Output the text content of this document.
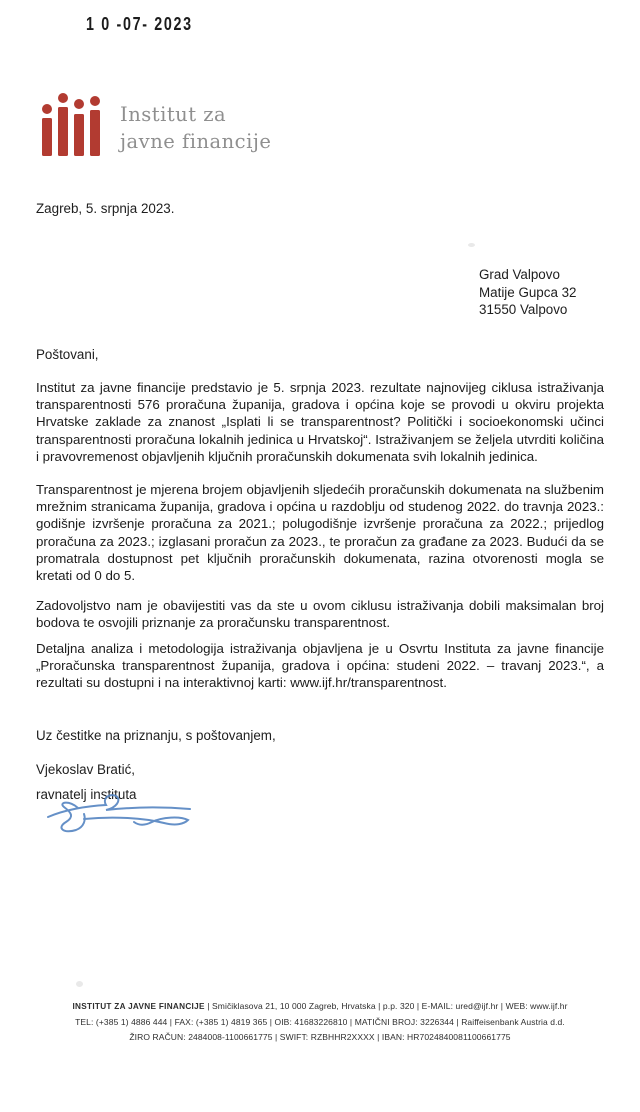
1 0 -07- 2023
Institut za
javne financije
Zagreb, 5. srpnja 2023.
Grad Valpovo
Matije Gupca 32
31550 Valpovo
Poštovani,

Institut za javne financije predstavio je 5. srpnja 2023. rezultate najnovijeg ciklusa istraživanja transparentnosti 576 proračuna županija, gradova i općina koje se provodi u okviru projekta Hrvatske zaklade za znanost „Isplati li se transparentnost? Politički i socioekonomski učinci transparentnosti proračuna lokalnih jedinica u Hrvatskoj“. Istraživanjem se željela utvrditi količina i pravovremenost objavljenih ključnih proračunskih dokumenata svih lokalnih jedinica.

Transparentnost je mjerena brojem objavljenih sljedećih proračunskih dokumenata na službenim mrežnim stranicama županija, gradova i općina u razdoblju od studenog 2022. do travnja 2023.: godišnje izvršenje proračuna za 2021.; polugodišnje izvršenje proračuna za 2022.; prijedlog proračuna za 2023.; izglasani proračun za 2023., te proračun za građane za 2023. Budući da se promatrala dostupnost pet ključnih proračunskih dokumenata, razina otvorenosti mogla se kretati od 0 do 5.

Zadovoljstvo nam je obavijestiti vas da ste u ovom ciklusu istraživanja dobili maksimalan broj bodova te osvojili priznanje za proračunsku transparentnost.

Detaljna analiza i metodologija istraživanja objavljena je u Osvrtu Instituta za javne financije „Proračunska transparentnost županija, gradova i općina: studeni 2022. – travanj 2023.“, a rezultati su dostupni i na interaktivnoj karti: www.ijf.hr/transparentnost.

Uz čestitke na priznanju, s poštovanjem,
Vjekoslav Bratić,
ravnatelj instituta
INSTITUT ZA JAVNE FINANCIJE | Smičiklasova 21, 10 000 Zagreb, Hrvatska | p.p. 320 | E-MAIL: ured@ijf.hr | WEB: www.ijf.hr
TEL: (+385 1) 4886 444 | FAX: (+385 1) 4819 365 | OIB: 41683226810 | MATIČNI BROJ: 3226344 | Raiffeisenbank Austria d.d.
ŽIRO RAČUN: 2484008-1100661775 | SWIFT: RZBHHR2XXXX | IBAN: HR7024840081100661775
